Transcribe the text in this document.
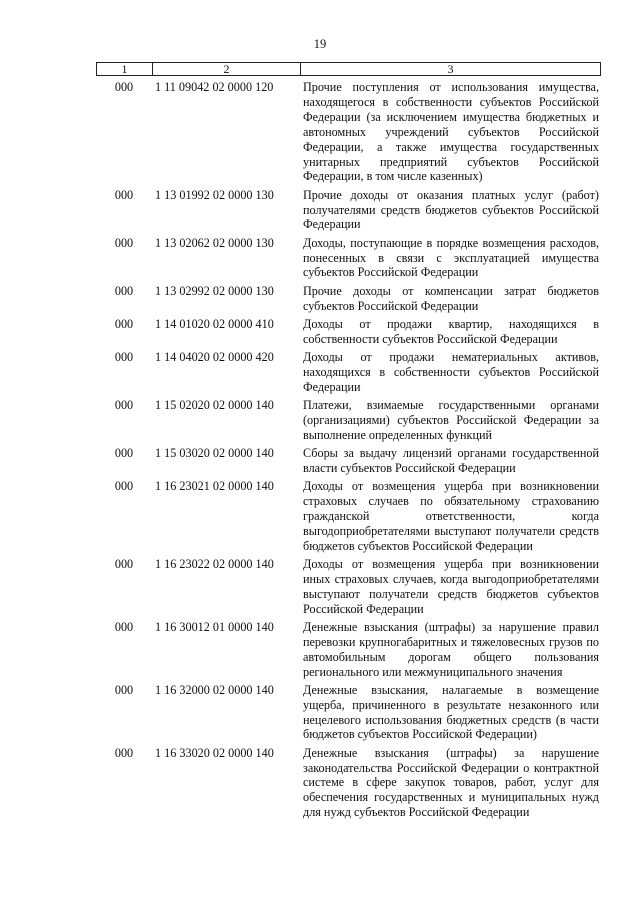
19
1	2	3
000	1 11 09042 02 0000 120	Прочие поступления от использования имущества, находящегося в собственности субъектов Российской Федерации (за исключением имущества бюджетных и автономных учреждений субъектов Российской Федерации, а также имущества государственных унитарных предприятий субъектов Российской Федерации, в том числе казенных)
000	1 13 01992 02 0000 130	Прочие доходы от оказания платных услуг (работ) получателями средств бюджетов субъектов Российской Федерации
000	1 13 02062 02 0000 130	Доходы, поступающие в порядке возмещения расходов, понесенных в связи с эксплуатацией имущества субъектов Российской Федерации
000	1 13 02992 02 0000 130	Прочие доходы от компенсации затрат бюджетов субъектов Российской Федерации
000	1 14 01020 02 0000 410	Доходы от продажи квартир, находящихся в собственности субъектов Российской Федерации
000	1 14 04020 02 0000 420	Доходы от продажи нематериальных активов, находящихся в собственности субъектов Российской Федерации
000	1 15 02020 02 0000 140	Платежи, взимаемые государственными органами (организациями) субъектов Российской Федерации за выполнение определенных функций
000	1 15 03020 02 0000 140	Сборы за выдачу лицензий органами государственной власти субъектов Российской Федерации
000	1 16 23021 02 0000 140	Доходы от возмещения ущерба при возникновении страховых случаев по обязательному страхованию гражданской ответственности, когда выгодоприобретателями выступают получатели средств бюджетов субъектов Российской Федерации
000	1 16 23022 02 0000 140	Доходы от возмещения ущерба при возникновении иных страховых случаев, когда выгодоприобретателями выступают получатели средств бюджетов субъектов Российской Федерации
000	1 16 30012 01 0000 140	Денежные взыскания (штрафы) за нарушение правил перевозки крупногабаритных и тяжеловесных грузов по автомобильным дорогам общего пользования регионального или межмуниципального значения
000	1 16 32000 02 0000 140	Денежные взыскания, налагаемые в возмещение ущерба, причиненного в результате незаконного или нецелевого использования бюджетных средств (в части бюджетов субъектов Российской Федерации)
000	1 16 33020 02 0000 140	Денежные взыскания (штрафы) за нарушение законодательства Российской Федерации о контрактной системе в сфере закупок товаров, работ, услуг для обеспечения государственных и муниципальных нужд для нужд субъектов Российской Федерации
